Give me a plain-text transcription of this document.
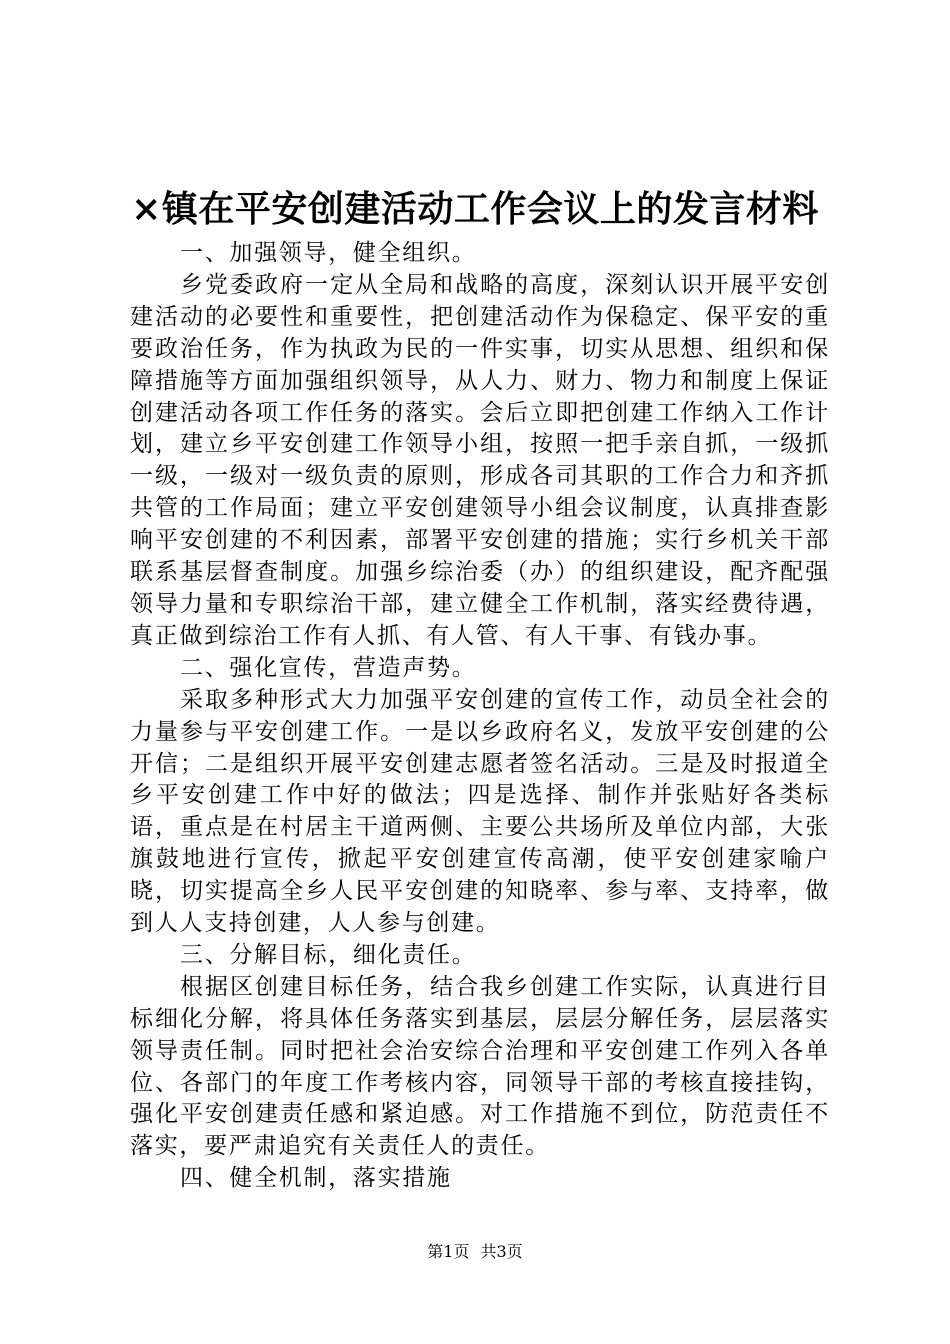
×镇在平安创建活动工作会议上的发言材料

一、加强领导，健全组织。

乡党委政府一定从全局和战略的高度，深刻认识开展平安创建活动的必要性和重要性，把创建活动作为保稳定、保平安的重要政治任务，作为执政为民的一件实事，切实从思想、组织和保障措施等方面加强组织领导，从人力、财力、物力和制度上保证创建活动各项工作任务的落实。会后立即把创建工作纳入工作计划，建立乡平安创建工作领导小组，按照一把手亲自抓，一级抓一级，一级对一级负责的原则，形成各司其职的工作合力和齐抓共管的工作局面；建立平安创建领导小组会议制度，认真排查影响平安创建的不利因素，部署平安创建的措施；实行乡机关干部联系基层督查制度。加强乡综治委（办）的组织建设，配齐配强领导力量和专职综治干部，建立健全工作机制，落实经费待遇，真正做到综治工作有人抓、有人管、有人干事、有钱办事。

二、强化宣传，营造声势。

采取多种形式大力加强平安创建的宣传工作，动员全社会的力量参与平安创建工作。一是以乡政府名义，发放平安创建的公开信；二是组织开展平安创建志愿者签名活动。三是及时报道全乡平安创建工作中好的做法；四是选择、制作并张贴好各类标语，重点是在村居主干道两侧、主要公共场所及单位内部，大张旗鼓地进行宣传，掀起平安创建宣传高潮，使平安创建家喻户晓，切实提高全乡人民平安创建的知晓率、参与率、支持率，做到人人支持创建，人人参与创建。

三、分解目标，细化责任。

根据区创建目标任务，结合我乡创建工作实际，认真进行目标细化分解，将具体任务落实到基层，层层分解任务，层层落实领导责任制。同时把社会治安综合治理和平安创建工作列入各单位、各部门的年度工作考核内容，同领导干部的考核直接挂钩，强化平安创建责任感和紧迫感。对工作措施不到位，防范责任不落实，要严肃追究有关责任人的责任。

四、健全机制，落实措施

第1页 共3页
